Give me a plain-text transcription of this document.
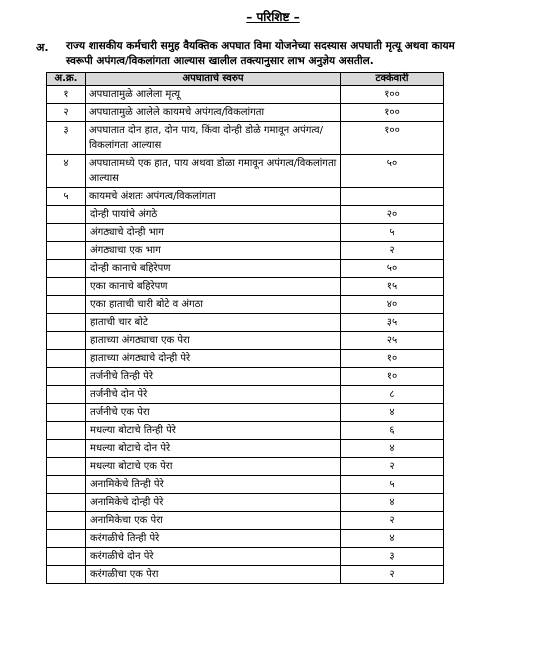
– परिशिष्ट –
अ. राज्य शासकीय कर्मचारी समुह वैयक्तिक अपघात विमा योजनेच्या सदस्यास अपघाती मृत्यू अथवा कायम स्वरूपी अपंगत्व/विकलांगता आल्यास खालील तक्त्यानुसार लाभ अनुज्ञेय असतील.
अ.क्र.	अपघाताचे स्वरुप	टक्केवारी
१	अपघातामुळे आलेला मृत्यू	१००
२	अपघातामुळे आलेले कायमचे अपंगत्व/विकलांगता	१००
३	अपघातात दोन हात, दोन पाय, किंवा दोन्ही डोळे गमावून अपंगत्व/विकलांगता आल्यास	१००
४	अपघातामध्ये एक हात, पाय अथवा डोळा गमावून अपंगत्व/विकलांगता आल्यास	५०
५	कायमचे अंशतः अपंगत्व/विकलांगता	
	दोन्ही पायांचे अंगठे	२०
	अंगठ्याचे दोन्ही भाग	५
	अंगठ्याचा एक भाग	२
	दोन्ही कानाचे बहिरेपण	५०
	एका कानाचे बहिरेपण	१५
	एका हाताची चारी बोटे व अंगठा	४०
	हाताची चार बोटे	३५
	हाताच्या अंगठ्याचा एक पेरा	२५
	हाताच्या अंगठ्याचे दोन्ही पेरे	१०
	तर्जनीचे तिन्ही पेरे	१०
	तर्जनीचे दोन पेरे	८
	तर्जनीचे एक पेरा	४
	मधल्या बोटाचे तिन्ही पेरे	६
	मधल्या बोटाचे दोन पेरे	४
	मधल्या बोटाचे एक पेरा	२
	अनामिकेचे तिन्ही पेरे	५
	अनामिकेचे दोन्ही पेरे	४
	अनामिकेचा एक पेरा	२
	करंगळीचे तिन्ही पेरे	४
	करंगळीचे दोन पेरे	३
	करंगळीचा एक पेरा	२
